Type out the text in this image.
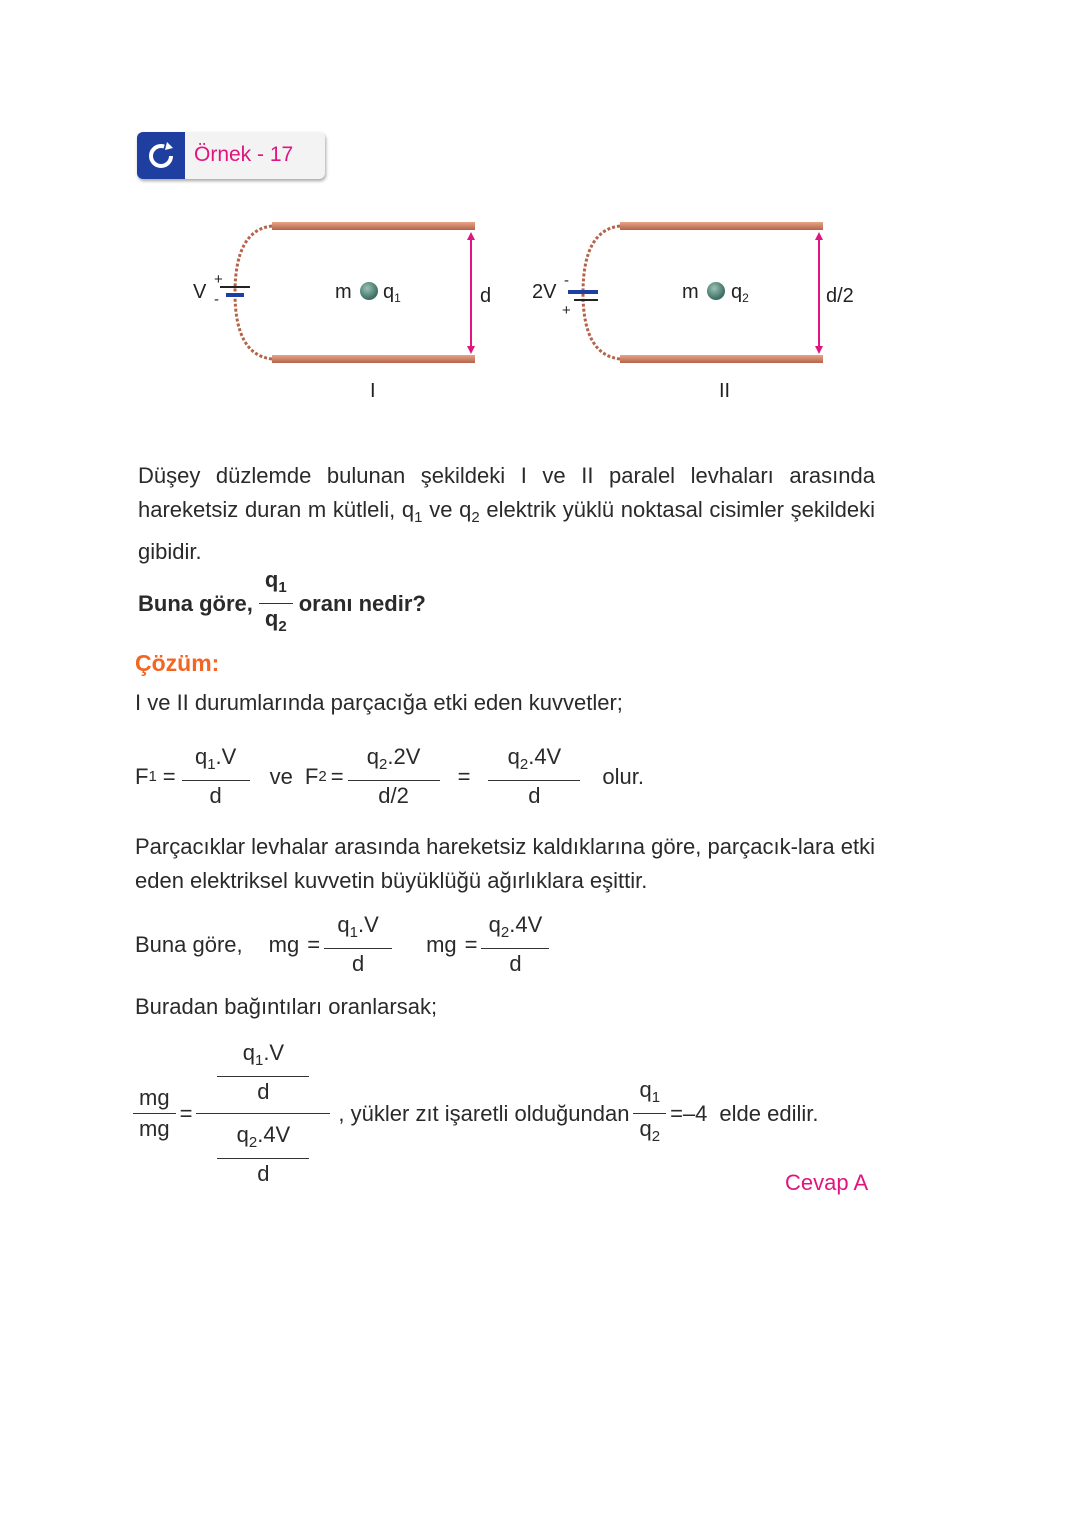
Örnek - 17
+
-
V	m $q_1$	d
I
-
+
2V	m $q_2$	d/2
II
Düşey düzlemde bulunan şekildeki I ve II paralel levhaları arasında hareketsiz duran m kütleli, $q_1$ ve $q_2$ elektrik yüklü noktasal cisimler şekildeki gibidir.
Buna göre, $\frac{q_1}{q_2}$ oranı nedir?
Çözüm:
I ve II durumlarında parçacığa etki eden kuvvetler;
F $1 = \frac{q_1.V}{d}$ ve F $2 = \frac{q_2.2V}{d/2} = \frac{q_2.4V}{d}$ olur.
Parçacıklar levhalar arasında hareketsiz kaldıklarına göre, parçacık-lara etki eden elektriksel kuvvetin büyüklüğü ağırlıklara eşittir.
Buna göre, mg = $\frac{q_1.V}{d}$ mg = $\frac{q_2.4V}{d}$
Buradan bağıntıları oranlarsak;
$\frac{mg}{mg} = \frac{\frac{q_1.V}{d}}{\frac{q_2.4V}{d}}$ , yükler zıt işaretli olduğundan $\frac{q_1}{q_2} =-4$ elde edilir.
Cevap A
